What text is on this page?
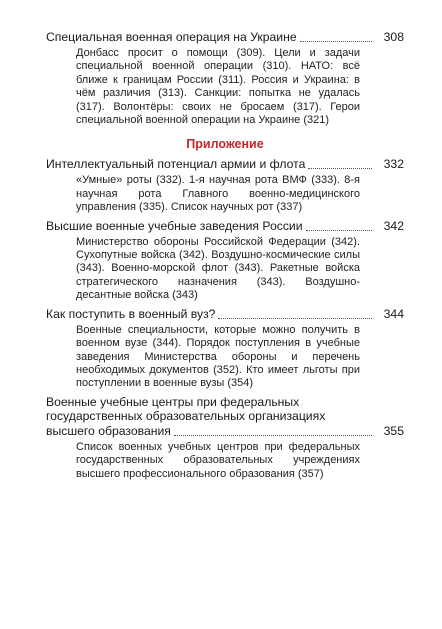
Специальная военная операция на Украине	308
Донбасс просит о помощи (309). Цели и задачи специальной военной операции (310). НАТО: всё ближе к границам России (311). Россия и Украина: в чём различия (313). Санкции: попытка не удалась (317). Волонтёры: своих не бросаем (317). Герои специальной военной операции на Украине (321)
Приложение
Интеллектуальный потенциал армии и флота	332
«Умные» роты (332). 1-я научная рота ВМФ (333). 8-я научная рота Главного военно-медицинского управления (335). Список научных рот (337)
Высшие военные учебные заведения России	342
Министерство обороны Российской Федерации (342). Сухопутные войска (342). Воздушно-космические силы (343). Военно-морской флот (343). Ракетные войска стратегического назначения (343). Воздушно-десантные войска (343)
Как поступить в военный вуз?	344
Военные специальности, которые можно получить в военном вузе (344). Порядок поступления в учебные заведения Министерства обороны и перечень необходимых документов (352). Кто имеет льготы при поступлении в военные вузы (354)
Военные учебные центры при федеральных
государственных образовательных организациях
высшего образования	355
Список военных учебных центров при федеральных государственных образовательных учреждениях высшего профессионального образования (357)
